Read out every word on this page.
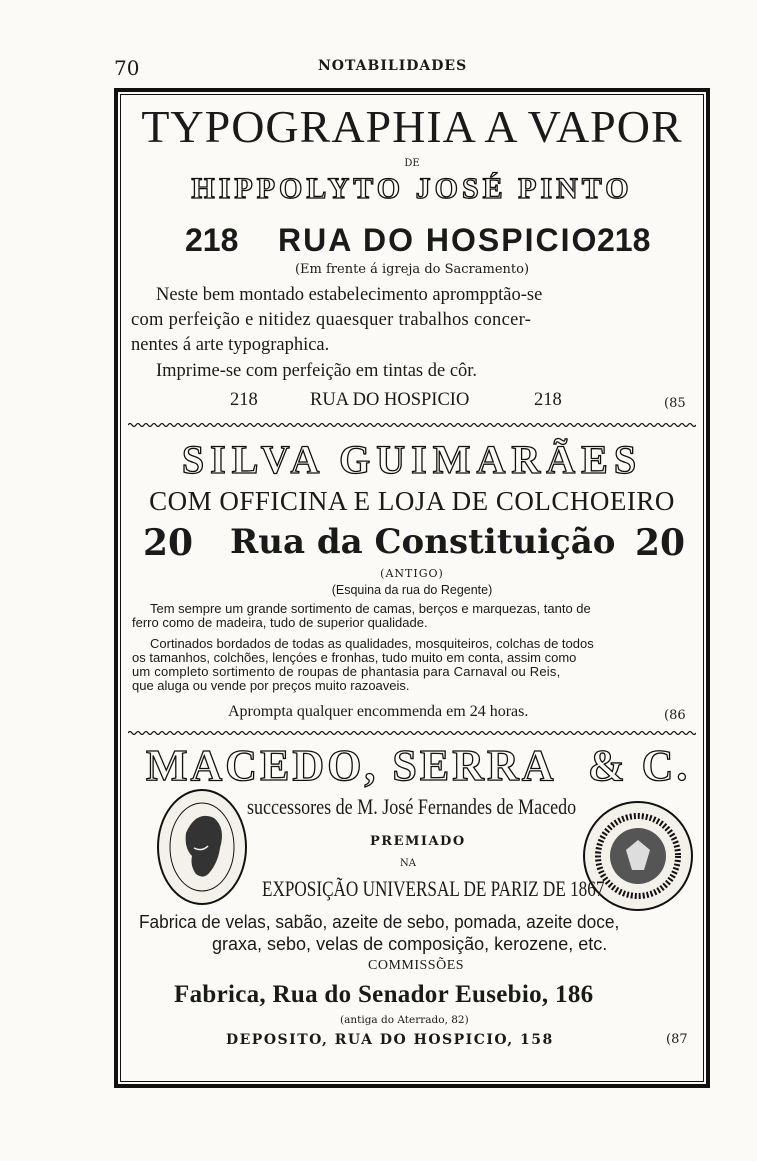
70	NOTABILIDADES
TYPOGRAPHIA A VAPOR
DE
HIPPOLYTO JOSÉ PINTO
218 RUA DO HOSPICIO
218
(Em frente á igreja do Sacramento)
Neste bem montado estabelecimento aprompptão-se
com perfeição e nitidez quaesquer trabalhos concer-
nentes á arte typographica.
Imprime-se com perfeição em tintas de côr.
218	RUA DO HOSPICIO	218	(85
SILVA GUIMARÃES
COM OFFICINA E LOJA DE COLCHOEIRO
20 Rua da Constituição 20
(ANTIGO)
(Esquina da rua do Regente)
Tem sempre um grande sortimento de camas, berços e marquezas, tanto de
ferro como de madeira, tudo de superior qualidade.
Cortinados bordados de todas as qualidades, mosquiteiros, colchas de todos
os tamanhos, colchões, lençóes e fronhas, tudo muito em conta, assim como
um completo sortimento de roupas de phantasia para Carnaval ou Reis,
que aluga ou vende por preços muito razoaveis.
Apromptа qualquer encommenda em 24 horas.	(86
MACEDO, SERRA & C.
successores de M. José Fernandes de Macedo
PREMIADO
NA
EXPOSIÇÃO UNIVERSAL DE PARIZ DE 1867
Fabrica de velas, sabão, azeite de sebo, pomada, azeite doce,
graxa, sebo, velas de composição, kerozene, etc.
COMMISSÕES
Fabrica, Rua do Senador Eusebio, 186
(antiga do Aterrado, 82)
DEPOSITO, RUA DO HOSPICIO, 158	(87
